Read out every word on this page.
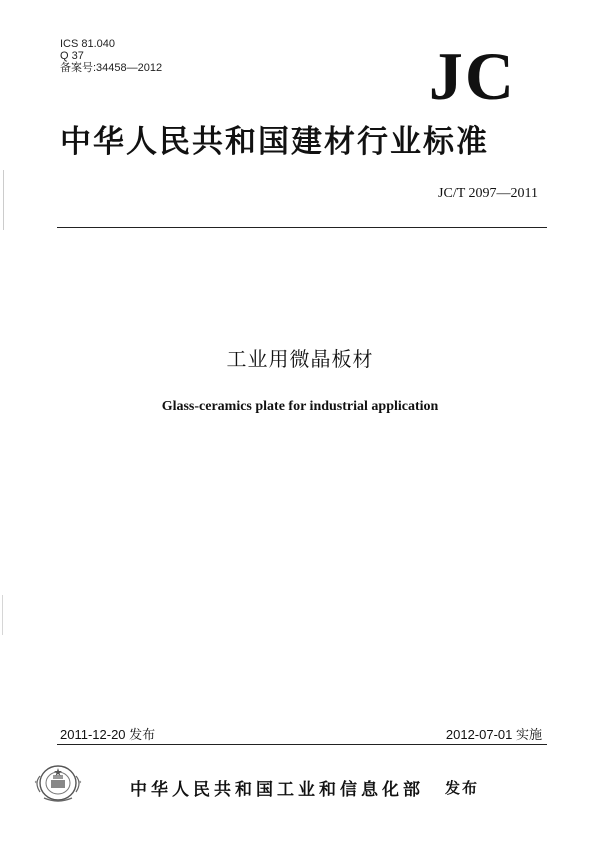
ICS 81.040
Q 37
备案号:34458—2012	JC
中华人民共和国建材行业标准
JC/T 2097—2011
工业用微晶板材
Glass-ceramics plate for industrial application
2011-12-20 发布	2012-07-01 实施
中华人民共和国工业和信息化部 发布
